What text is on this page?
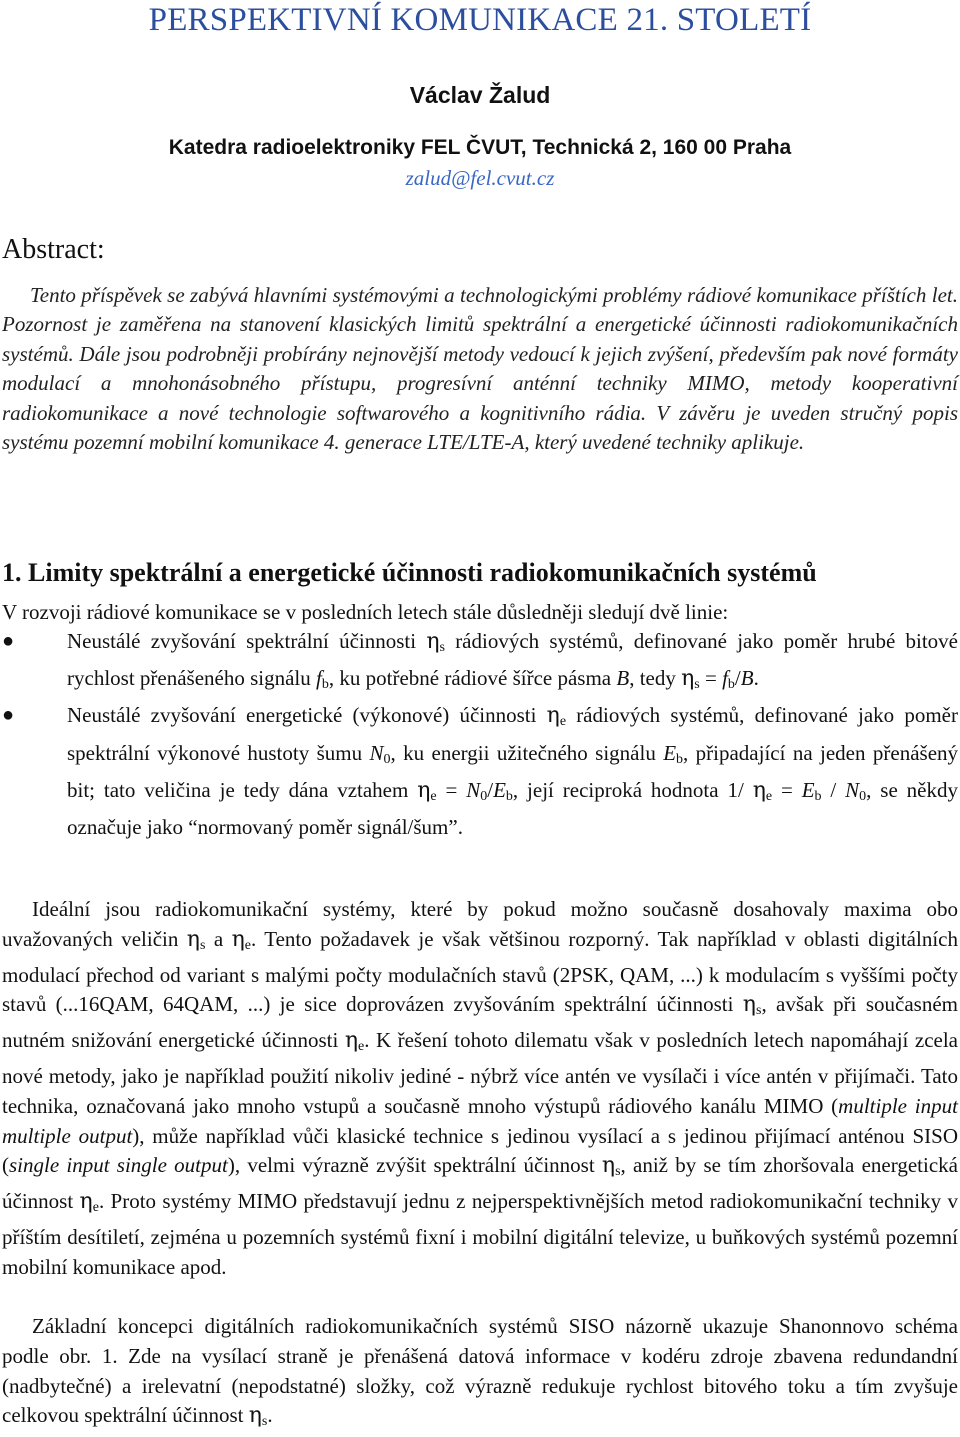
PERSPEKTIVNÍ KOMUNIKACE 21. STOLETÍ
Václav Žalud
Katedra radioelektroniky FEL ČVUT, Technická 2, 160 00 Praha
zalud@fel.cvut.cz
Abstract:
Tento příspěvek se zabývá hlavními systémovými a technologickými problémy rádiové komunikace příštích let. Pozornost je zaměřena na stanovení klasických limitů spektrální a energetické účinnosti radiokomunikačních systémů. Dále jsou podrobněji probírány nejnovější metody vedoucí k jejich zvýšení, především pak nové formáty modulací a mnohonásobného přístupu, progresívní anténní techniky MIMO, metody kooperativní radiokomunikace a nové technologie softwarového a kognitivního rádia. V závěru je uveden stručný popis systému pozemní mobilní komunikace 4. generace LTE/LTE-A, který uvedené techniky aplikuje.
1. Limity spektrální a energetické účinnosti radiokomunikačních systémů
V rozvoji rádiové komunikace se v posledních letech stále důsledněji sledují dvě linie:
●	Neustálé zvyšování spektrální účinnosti $\eta_s$ rádiových systémů, definované jako poměr hrubé bitové rychlost přenášeného signálu $f_b$, ku potřebné rádiové šířce pásma B, tedy $\eta_s = f_b/B$.
●	Neustálé zvyšování energetické (výkonové) účinnosti $\eta_e$ rádiových systémů, definované jako poměr spektrální výkonové hustoty šumu $N_0$, ku energii užitečného signálu $E_b$, připadající na jeden přenášený bit; tato veličina je tedy dána vztahem $\eta_e = N_0/E_b$, její reciproká hodnota 1/ $\eta_e = E_b / N_0$, se někdy označuje jako “normovaný poměr signál/šum”.
Ideální jsou radiokomunikační systémy, které by pokud možno současně dosahovaly maxima obo uvažovaných veličin $\eta_s$ a $\eta_e$. Tento požadavek je však většinou rozporný. Tak například v oblasti digitálních modulací přechod od variant s malými počty modulačních stavů (2PSK, QAM, ...) k modulacím s vyššími počty stavů (...16QAM, 64QAM, ...) je sice doprovázen zvyšováním spektrální účinnosti $\eta_s$, avšak při současném nutném snižování energetické účinnosti $\eta_e$. K řešení tohoto dilematu však v posledních letech napomáhají zcela nové metody, jako je například použití nikoliv jediné - nýbrž více antén ve vysílači i více antén v přijímači. Tato technika, označovaná jako mnoho vstupů a současně mnoho výstupů rádiového kanálu MIMO (multiple input multiple output), může například vůči klasické technice s jedinou vysílací a s jedinou přijímací anténou SISO (single input single output), velmi výrazně zvýšit spektrální účinnost $\eta_s$, aniž by se tím zhoršovala energetická účinnost $\eta_e$. Proto systémy MIMO představují jednu z nejperspektivnějších metod radiokomunikační techniky v příštím desítiletí, zejména u pozemních systémů fixní i mobilní digitální televize, u buňkových systémů pozemní mobilní komunikace apod.
Základní koncepci digitálních radiokomunikačních systémů SISO názorně ukazuje Shanonnovo schéma podle obr. 1. Zde na vysílací straně je přenášená datová informace v kodéru zdroje zbavena redundandní (nadbytečné) a irelevatní (nepodstatné) složky, což výrazně redukuje rychlost bitového toku a tím zvyšuje celkovou spektrální účinnost $\eta_s$.
